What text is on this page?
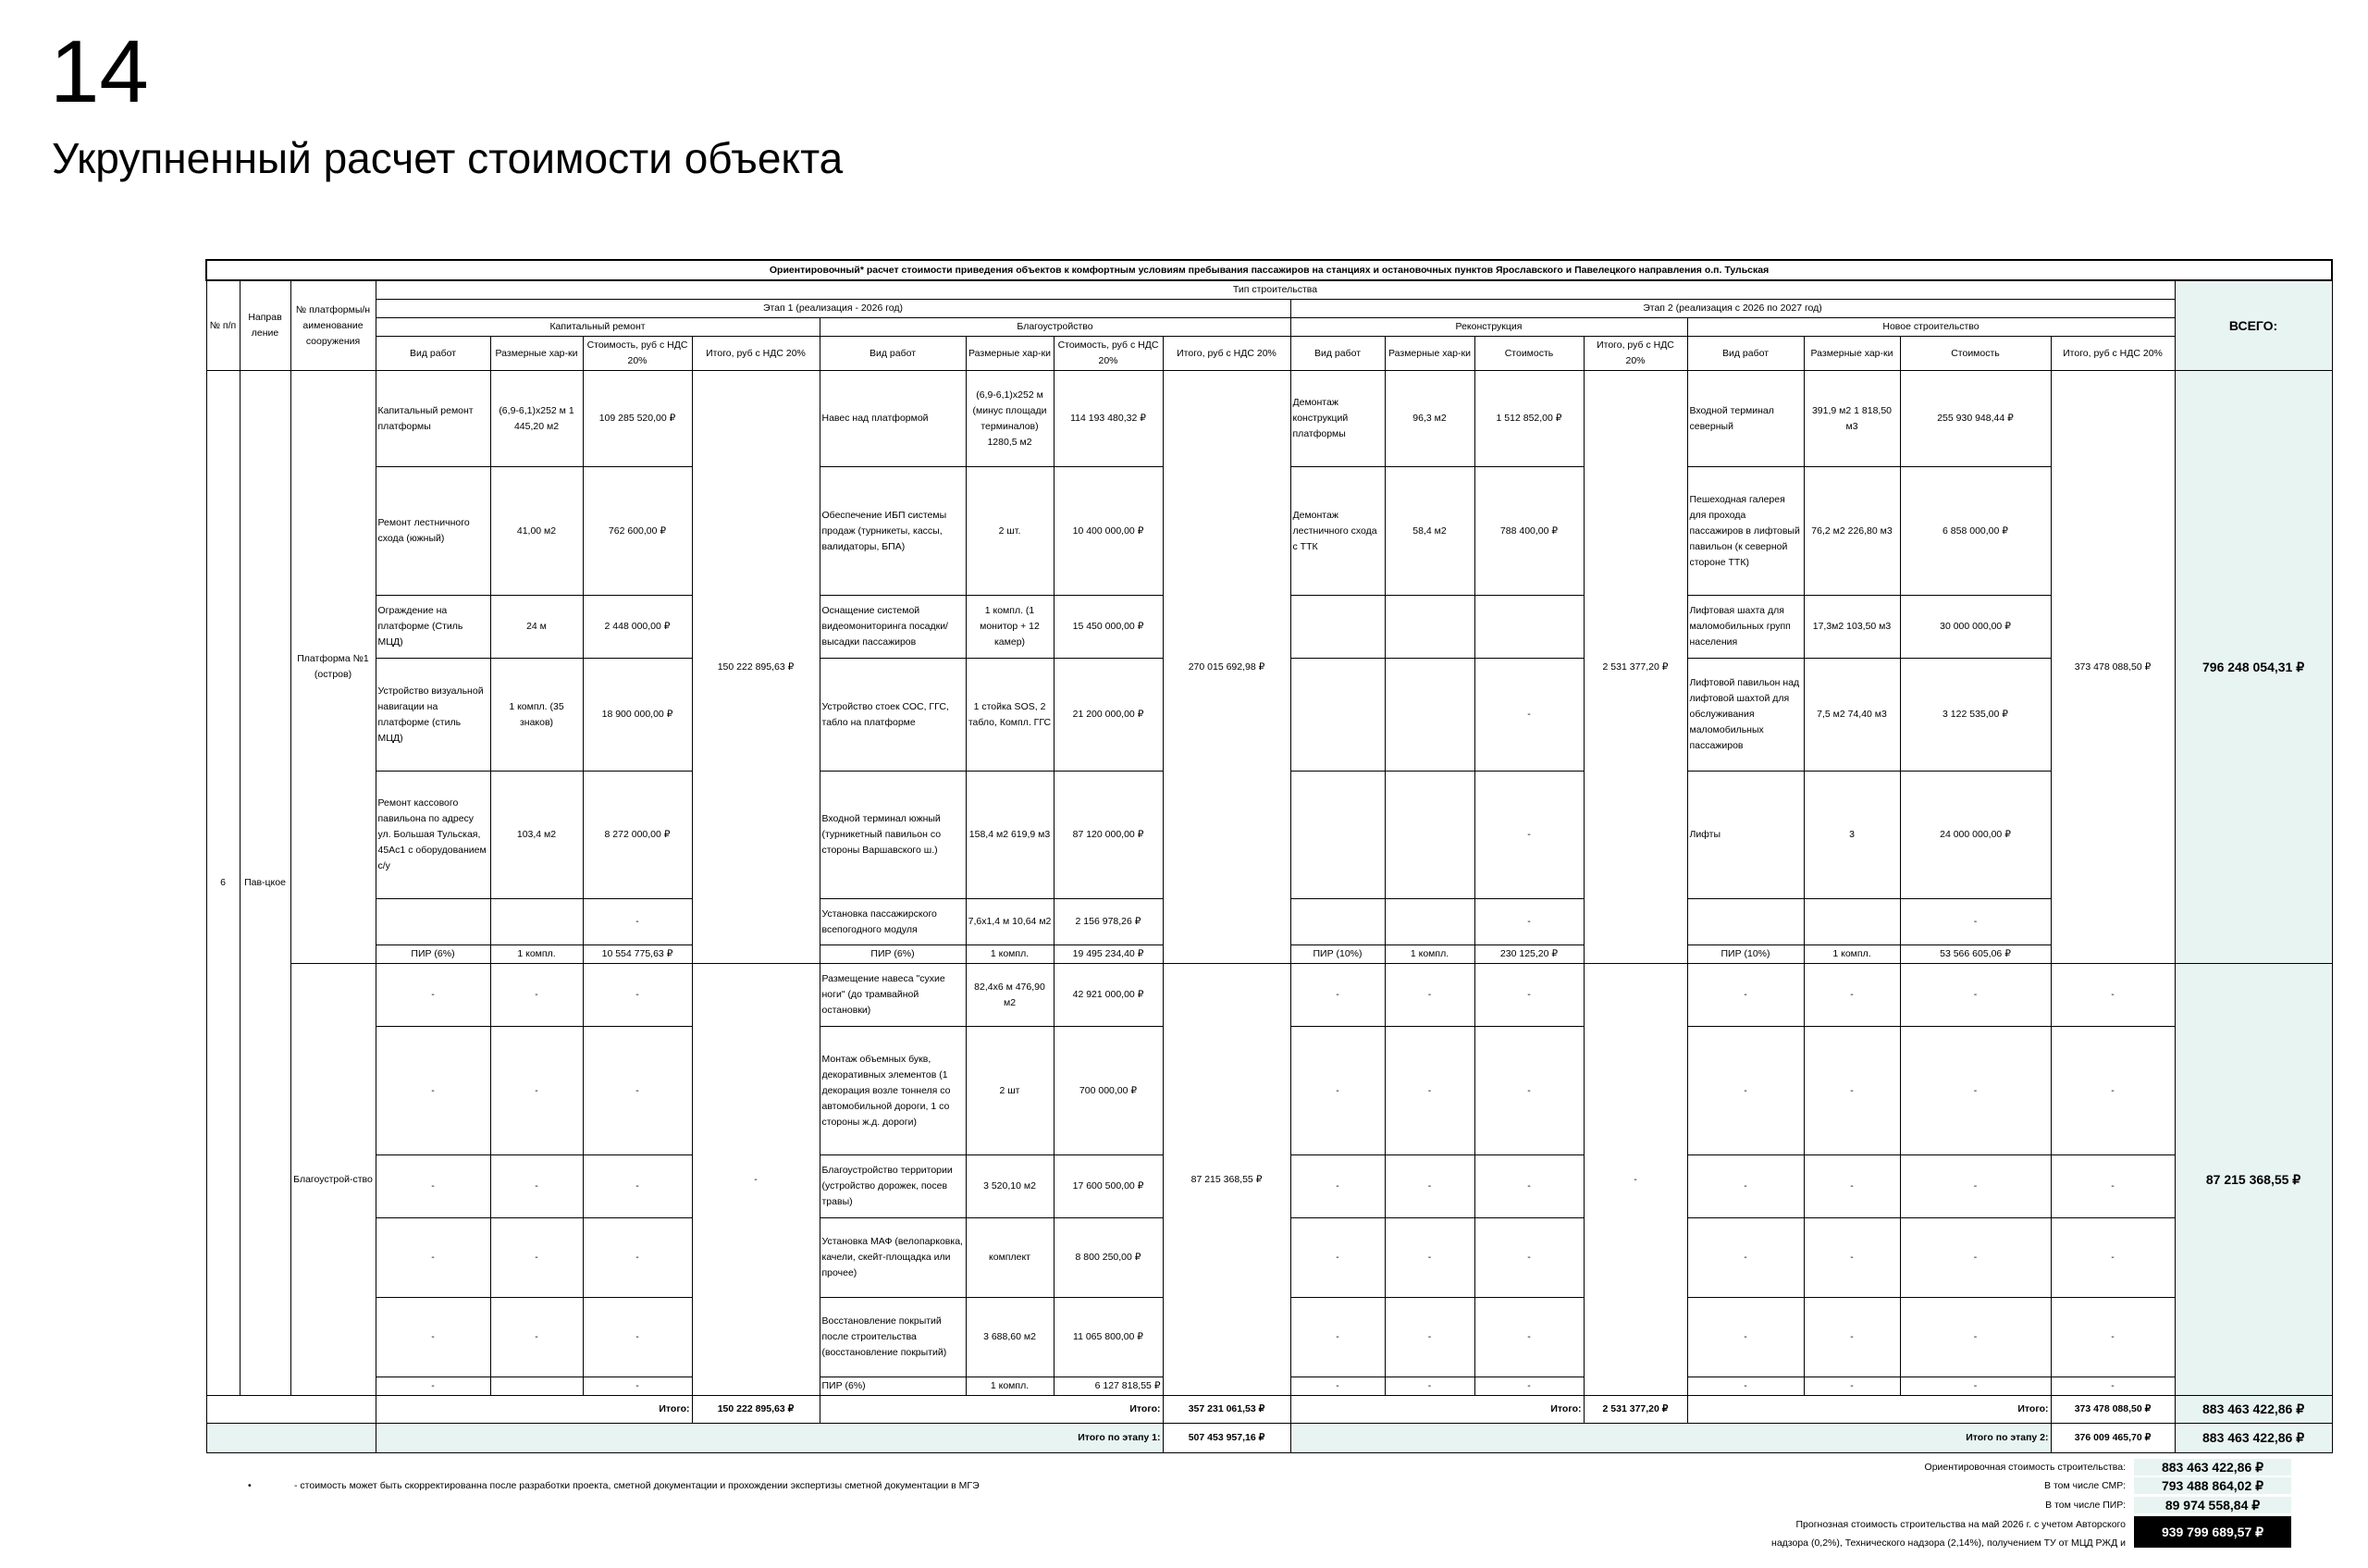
14
Укрупненный расчет стоимости объекта
Ориентировочный* расчет стоимости приведения объектов к комфортным условиям пребывания пассажиров на станциях и остановочных пунктов Ярославского и Павелецкого направления о.п. Тульская																			
№ п/п	Направ ление	№ платформы/н аименование сооружения	Тип строительства																ВСЕГО:
			Этап 1 (реализация - 2026 год)								Этап 2 (реализация с 2026 по 2027 год)								
			Капитальный ремонт				Благоустройство				Реконструкция				Новое строительство				
			Вид работ	Размерные хар-ки	Стоимость, руб с НДС 20%	Итого, руб с НДС 20%	Вид работ	Размерные хар-ки	Стоимость, руб с НДС 20%	Итого, руб с НДС 20%	Вид работ	Размерные хар-ки	Стоимость	Итого, руб с НДС 20%	Вид работ	Размерные хар-ки	Стоимость	Итого, руб с НДС 20%	
6	Пав-цкое	Платформа №1 (остров)	Капитальный ремонт платформы	(6,9-6,1)х252 м 1 445,20 м2	109 285 520,00 ₽	150 222 895,63 ₽	Навес над платформой	(6,9-6,1)х252 м (минус площади терминалов) 1280,5 м2	114 193 480,32 ₽	270 015 692,98 ₽	Демонтаж конструкций платформы	96,3 м2	1 512 852,00 ₽	2 531 377,20 ₽	Входной терминал северный	391,9 м2 1 818,50 м3	255 930 948,44 ₽	373 478 088,50 ₽	796 248 054,31 ₽
			Ремонт лестничного схода (южный)	41,00 м2	762 600,00 ₽		Обеспечение ИБП системы продаж (турникеты, кассы, валидаторы, БПА)	2 шт.	10 400 000,00 ₽		Демонтаж лестничного схода с ТТК	58,4 м2	788 400,00 ₽		Пешеходная галерея для прохода пассажиров в лифтовый павильон (к северной стороне ТТК)	76,2 м2 226,80 м3	6 858 000,00 ₽		
			Ограждение на платформе (Стиль МЦД)	24 м	2 448 000,00 ₽		Оснащение системой видеомониторинга посадки/высадки пассажиров	1 компл. (1 монитор + 12 камер)	15 450 000,00 ₽						Лифтовая шахта для маломобильных групп населения	17,3м2 103,50 м3	30 000 000,00 ₽		
			Устройство визуальной навигации на платформе (стиль МЦД)	1 компл. (35 знаков)	18 900 000,00 ₽		Устройство стоек СОС, ГГС, табло на платформе	1 стойка SOS, 2 табло, Компл. ГГС	21 200 000,00 ₽				-		Лифтовой павильон над лифтовой шахтой для обслуживания маломобильных пассажиров	7,5 м2 74,40 м3	3 122 535,00 ₽		
			Ремонт кассового павильона по адресу ул. Большая Тульская, 45Ас1 с оборудованием с/у	103,4 м2	8 272 000,00 ₽		Входной терминал южный (турникетный павильон со стороны Варшавского ш.)	158,4 м2 619,9 м3	87 120 000,00 ₽				-		Лифты	3	24 000 000,00 ₽		
					-		Установка пассажирского всепогодного модуля	7,6х1,4 м 10,64 м2	2 156 978,26 ₽				-				-		
			ПИР (6%)	1 компл.	10 554 775,63 ₽		ПИР (6%)	1 компл.	19 495 234,40 ₽		ПИР (10%)	1 компл.	230 125,20 ₽		ПИР (10%)	1 компл.	53 566 605,06 ₽		
		Благоустрой-ство	-	-	-	-	Размещение навеса "сухие ноги" (до трамвайной остановки)	82,4х6 м 476,90 м2	42 921 000,00 ₽	87 215 368,55 ₽	-	-	-	-	-	-	-	-	87 215 368,55 ₽
			-	-	-		Монтаж объемных букв, декоративных элементов (1 декорация возле тоннеля со автомобильной дороги, 1 со стороны ж.д. дороги)	2 шт	700 000,00 ₽		-	-	-		-	-	-	-	
			-	-	-		Благоустройство территории (устройство дорожек, посев травы)	3 520,10 м2	17 600 500,00 ₽		-	-	-		-	-	-	-	
			-	-	-		Установка МАФ (велопарковка, качели, скейт-площадка или прочее)	комплект	8 800 250,00 ₽		-	-	-		-	-	-	-	
			-	-	-		Восстановление покрытий после строительства (восстановление покрытий)	3 688,60 м2	11 065 800,00 ₽		-	-	-		-	-	-	-	
			-		-		ПИР (6%)	1 компл.	6 127 818,55 ₽		-	-	-		-	-	-	-	
			Итого:			150 222 895,63 ₽	Итого:			357 231 061,53 ₽	Итого:			2 531 377,20 ₽	Итого:			373 478 088,50 ₽	883 463 422,86 ₽
			Итого по этапу 1:							507 453 957,16 ₽	Итого по этапу 2:							376 009 465,70 ₽	883 463 422,86 ₽
•	- стоимость может быть скорректированна после разработки проекта, сметной документации и прохождении экспертизы сметной документации в МГЭ
Ориентировочная стоимость строительства:	883 463 422,86 ₽
В том числе СМР:	793 488 864,02 ₽
В том числе ПИР:	89 974 558,84 ₽
Прогнозная стоимость строительства на май 2026 г. с учетом Авторского
надзора (0,2%), Технического надзора (2,14%), получением ТУ от МЦД РЖД и
939 799 689,57 ₽
